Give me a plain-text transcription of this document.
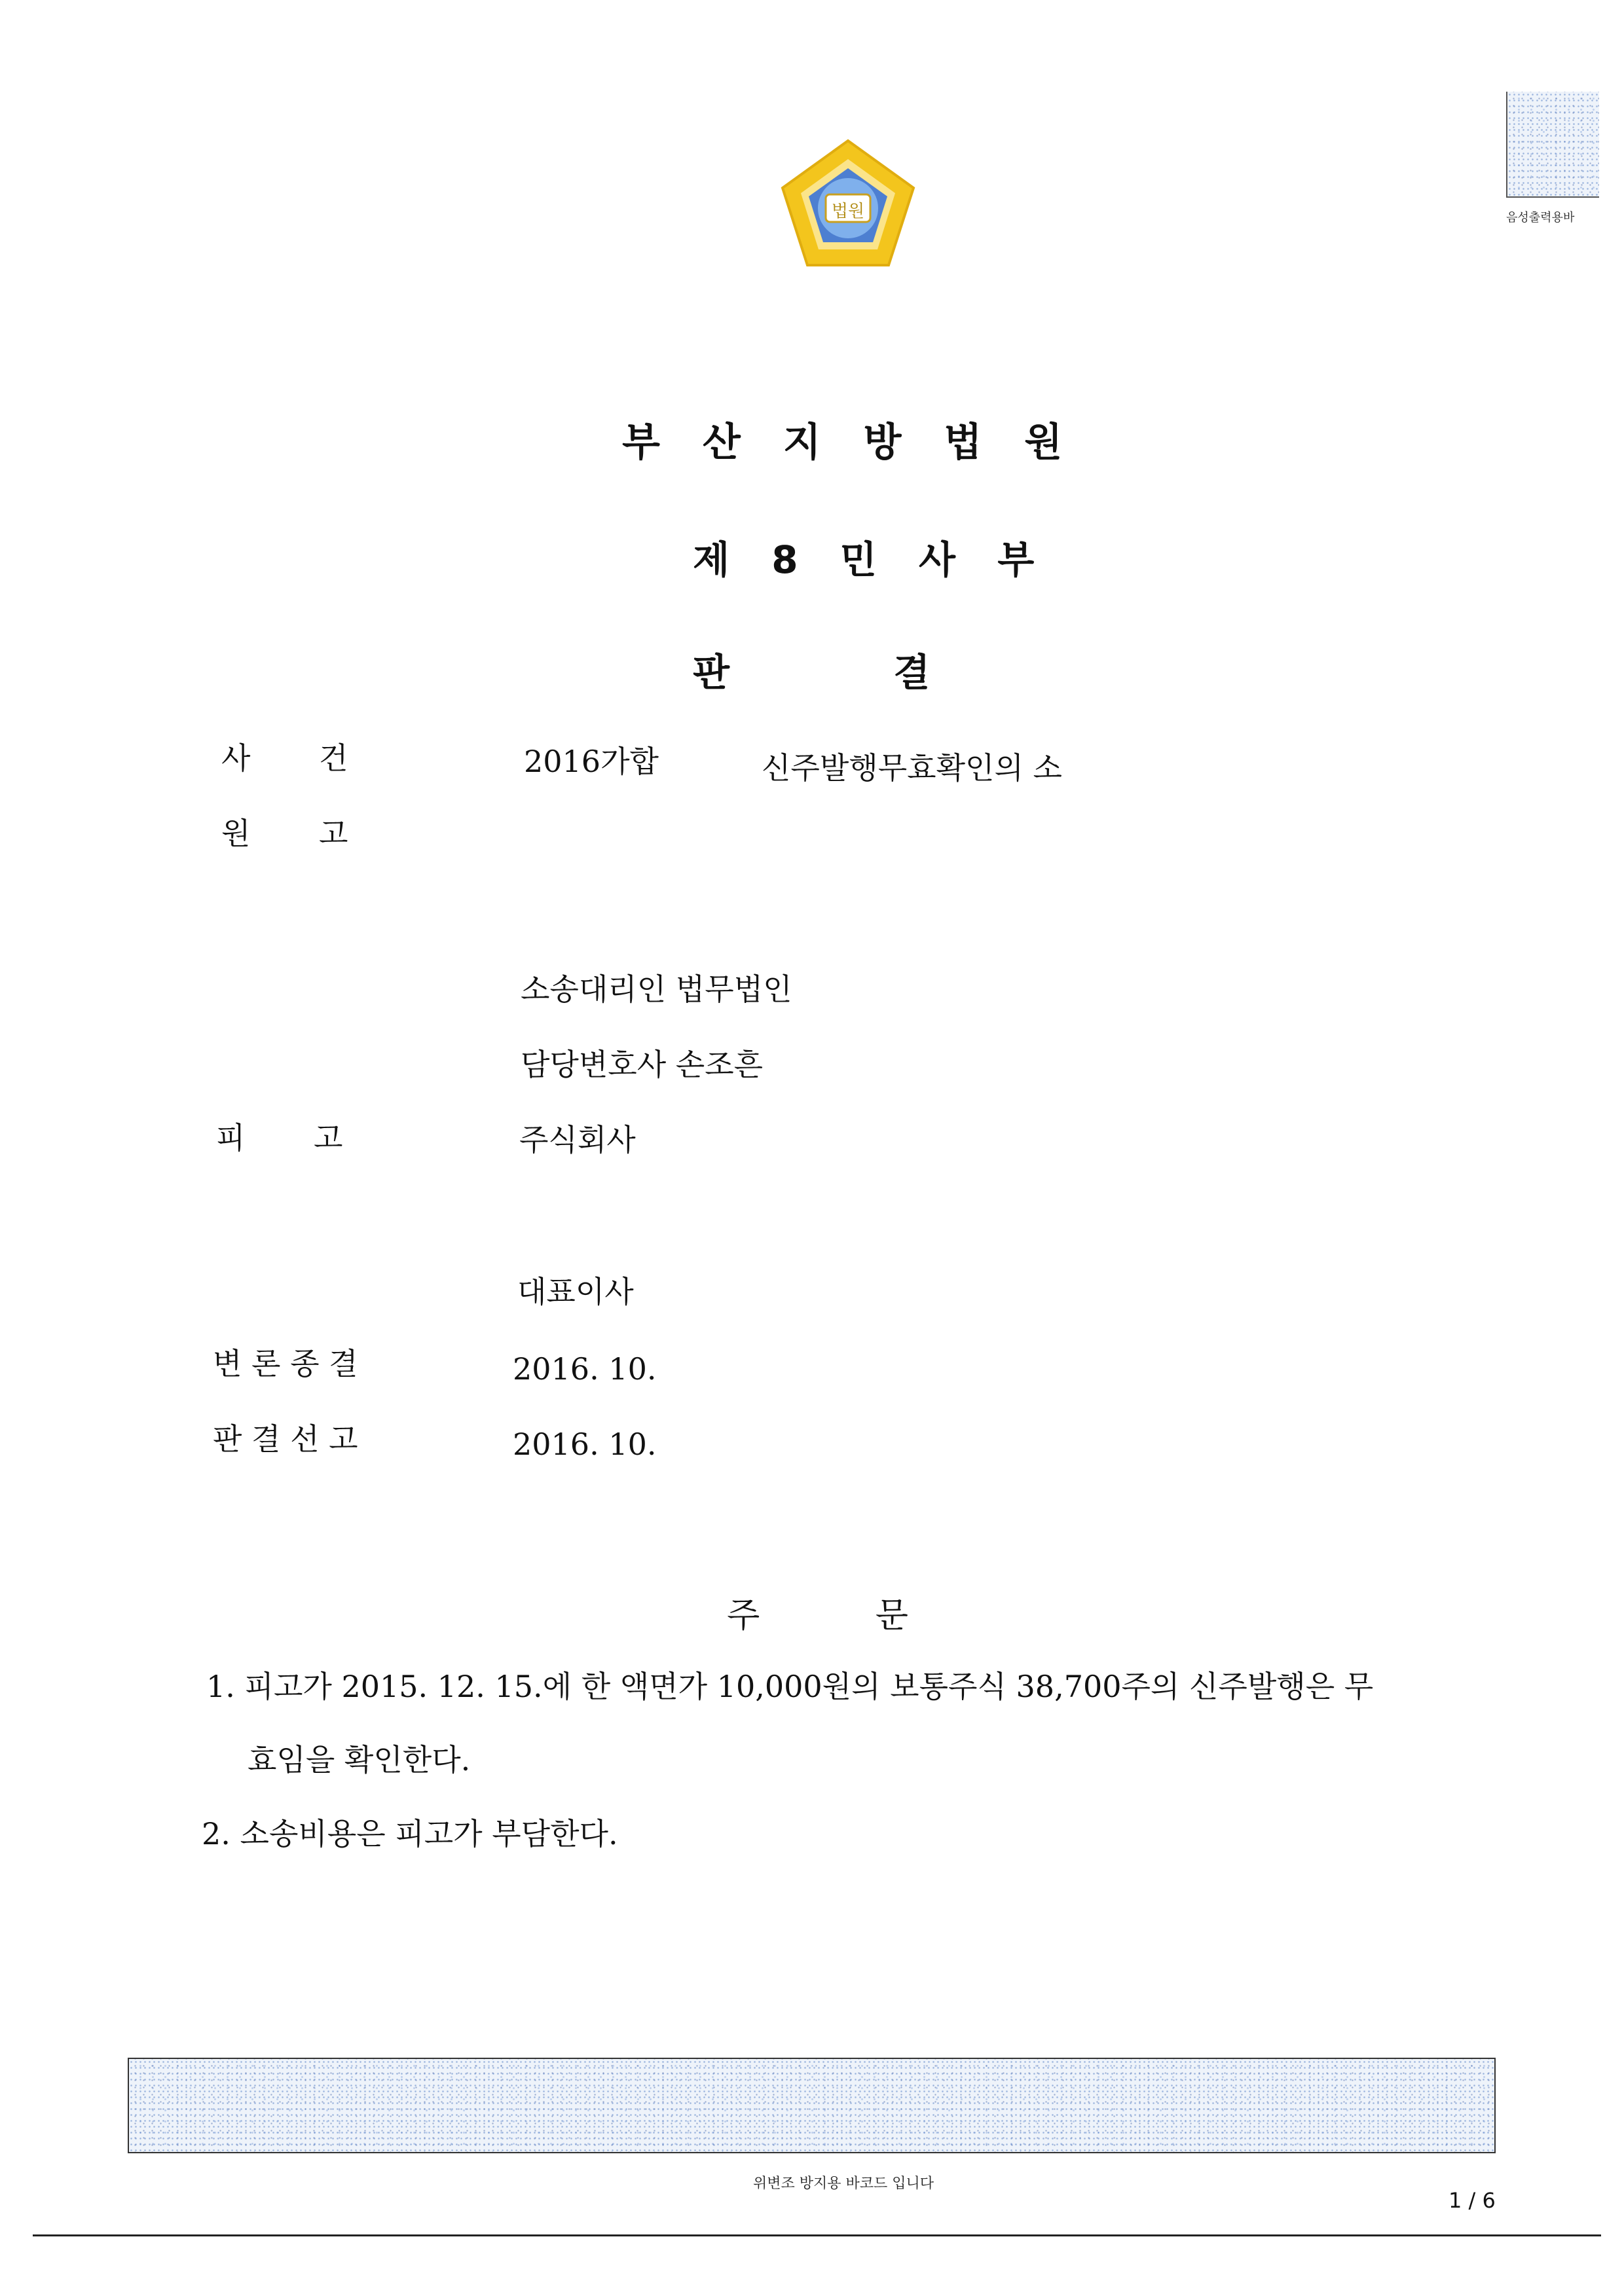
법원	음성출력용바
부 산 지 방 법 원
제 8 민 사 부
판 결
사 건	2016가합	신주발행무효확인의 소
원 고
소송대리인 법무법인
담당변호사 손조흔
피 고	주식회사
대표이사
변 론 종 결	2016. 10.
판 결 선 고	2016. 10.
주 문
1. 피고가 2015. 12. 15.에 한 액면가 10,000원의 보통주식 38,700주의 신주발행은 무
효임을 확인한다.
2. 소송비용은 피고가 부담한다.
위변조 방지용 바코드 입니다
1 / 6
